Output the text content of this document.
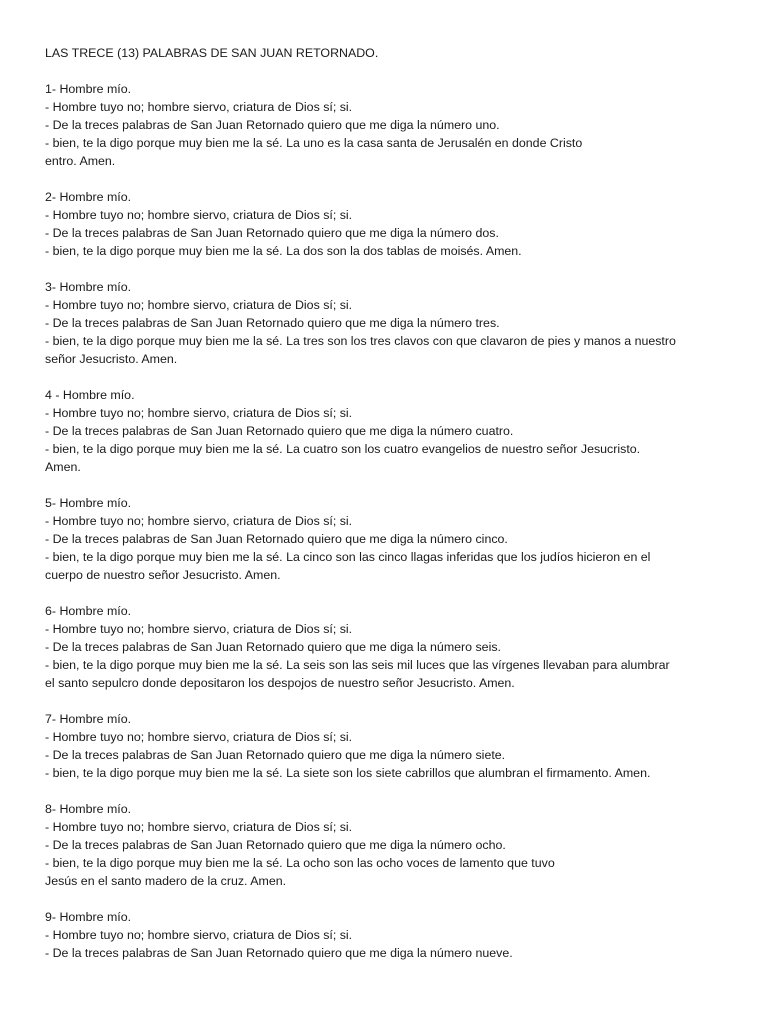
LAS TRECE (13) PALABRAS DE SAN JUAN RETORNADO.
1- Hombre mío.
- Hombre tuyo no; hombre siervo, criatura de Dios sí; si.
- De la treces palabras de San Juan Retornado quiero que me diga la número uno.
- bien, te la digo porque muy bien me la sé. La uno es la casa santa de Jerusalén en donde Cristo
entro. Amen.
2- Hombre mío.
- Hombre tuyo no; hombre siervo, criatura de Dios sí; si.
- De la treces palabras de San Juan Retornado quiero que me diga la número dos.
- bien, te la digo porque muy bien me la sé. La dos son la dos tablas de moisés. Amen.
3- Hombre mío.
- Hombre tuyo no; hombre siervo, criatura de Dios sí; si.
- De la treces palabras de San Juan Retornado quiero que me diga la número tres.
- bien, te la digo porque muy bien me la sé. La tres son los tres clavos con que clavaron de pies y manos a nuestro
señor Jesucristo. Amen.
4 - Hombre mío.
- Hombre tuyo no; hombre siervo, criatura de Dios sí; si.
- De la treces palabras de San Juan Retornado quiero que me diga la número cuatro.
- bien, te la digo porque muy bien me la sé. La cuatro son los cuatro evangelios de nuestro señor Jesucristo.
Amen.
5- Hombre mío.
- Hombre tuyo no; hombre siervo, criatura de Dios sí; si.
- De la treces palabras de San Juan Retornado quiero que me diga la número cinco.
- bien, te la digo porque muy bien me la sé. La cinco son las cinco llagas inferidas que los judíos hicieron en el
cuerpo de nuestro señor Jesucristo. Amen.
6- Hombre mío.
- Hombre tuyo no; hombre siervo, criatura de Dios sí; si.
- De la treces palabras de San Juan Retornado quiero que me diga la número seis.
- bien, te la digo porque muy bien me la sé. La seis son las seis mil luces que las vírgenes llevaban para alumbrar
el santo sepulcro donde depositaron los despojos de nuestro señor Jesucristo. Amen.
7- Hombre mío.
- Hombre tuyo no; hombre siervo, criatura de Dios sí; si.
- De la treces palabras de San Juan Retornado quiero que me diga la número siete.
- bien, te la digo porque muy bien me la sé. La siete son los siete cabrillos que alumbran el firmamento. Amen.
8- Hombre mío.
- Hombre tuyo no; hombre siervo, criatura de Dios sí; si.
- De la treces palabras de San Juan Retornado quiero que me diga la número ocho.
- bien, te la digo porque muy bien me la sé. La ocho son las ocho voces de lamento que tuvo
Jesús en el santo madero de la cruz. Amen.
9- Hombre mío.
- Hombre tuyo no; hombre siervo, criatura de Dios sí; si.
- De la treces palabras de San Juan Retornado quiero que me diga la número nueve.
